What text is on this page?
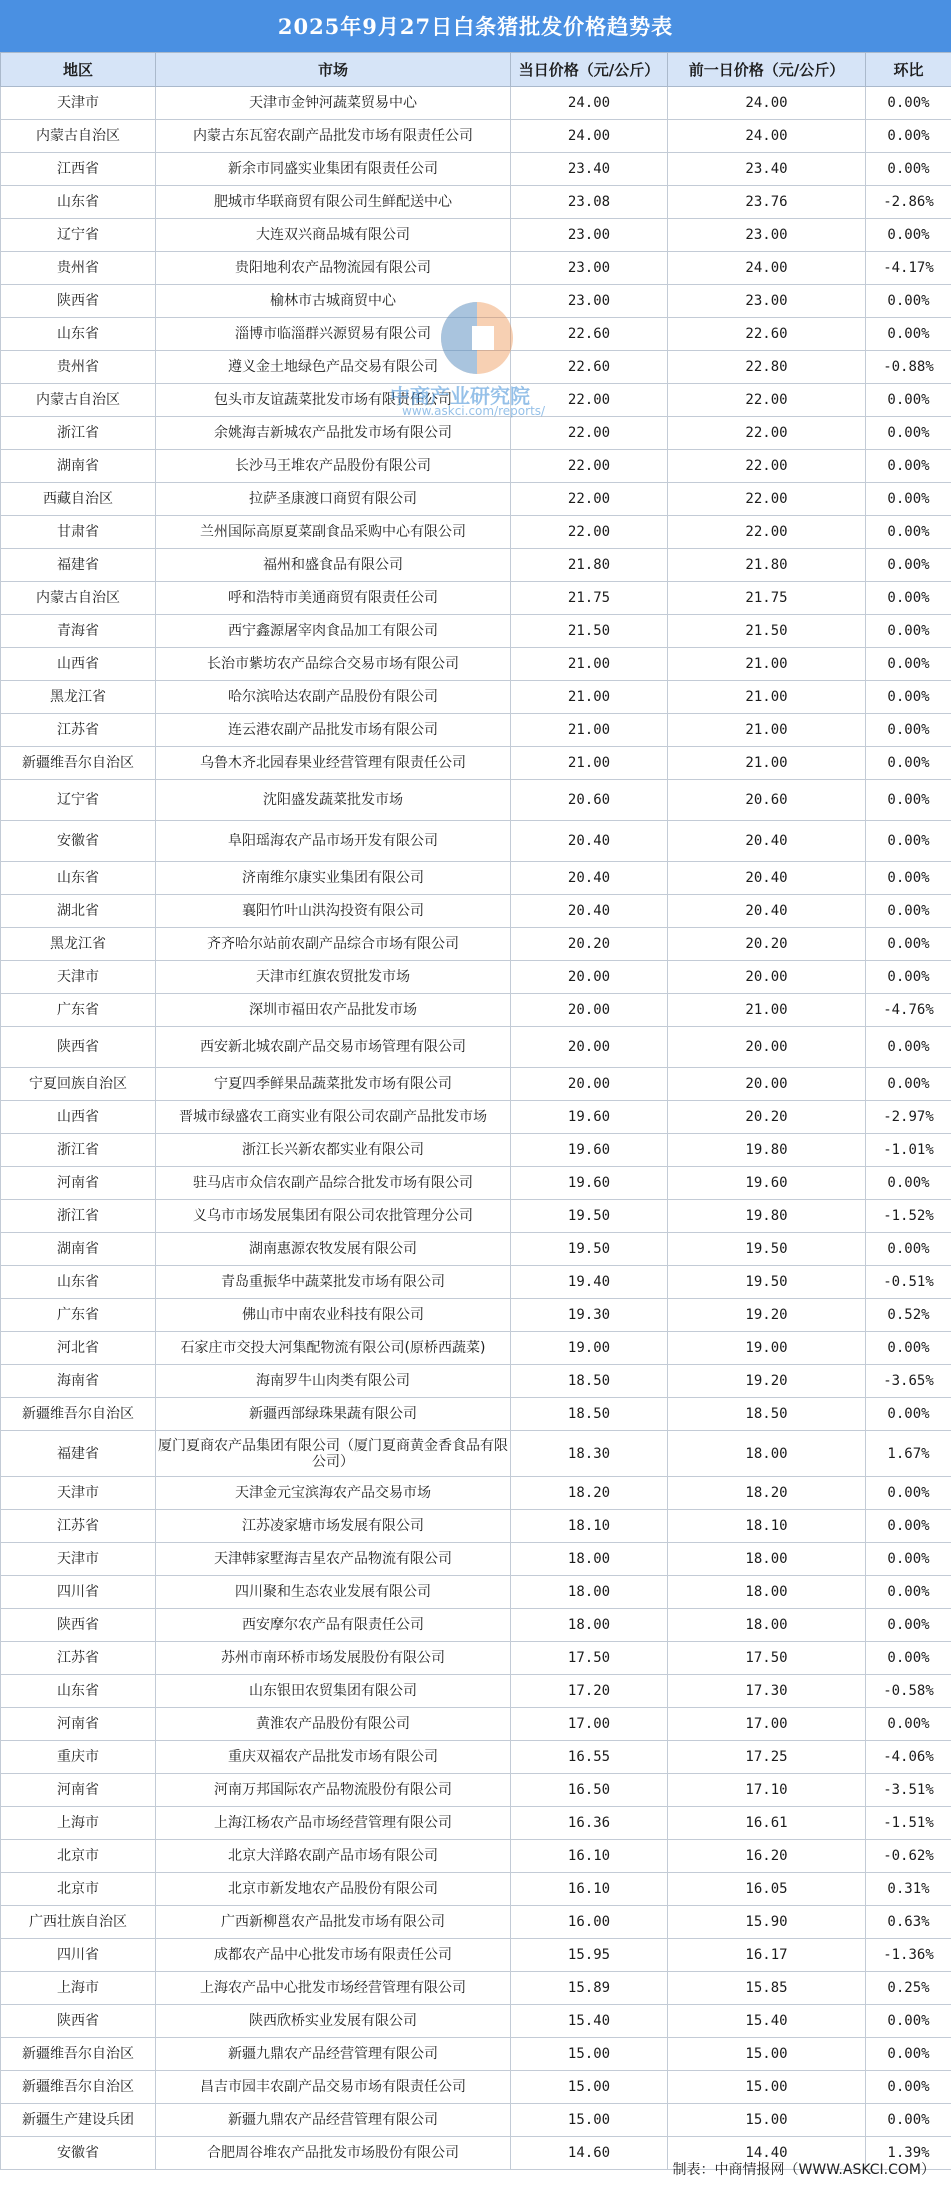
2025年9月27日白条猪批发价格趋势表
地区	市场	当日价格（元/公斤）	前一日价格（元/公斤）	环比
天津市	天津市金钟河蔬菜贸易中心	24.00	24.00	0.00%
内蒙古自治区	内蒙古东瓦窑农副产品批发市场有限责任公司	24.00	24.00	0.00%
江西省	新余市同盛实业集团有限责任公司	23.40	23.40	0.00%
山东省	肥城市华联商贸有限公司生鲜配送中心	23.08	23.76	-2.86%
辽宁省	大连双兴商品城有限公司	23.00	23.00	0.00%
贵州省	贵阳地利农产品物流园有限公司	23.00	24.00	-4.17%
陕西省	榆林市古城商贸中心	23.00	23.00	0.00%
山东省	淄博市临淄群兴源贸易有限公司	22.60	22.60	0.00%
贵州省	遵义金土地绿色产品交易有限公司	22.60	22.80	-0.88%
内蒙古自治区	包头市友谊蔬菜批发市场有限责任公司	22.00	22.00	0.00%
浙江省	余姚海吉新城农产品批发市场有限公司	22.00	22.00	0.00%
湖南省	长沙马王堆农产品股份有限公司	22.00	22.00	0.00%
西藏自治区	拉萨圣康渡口商贸有限公司	22.00	22.00	0.00%
甘肃省	兰州国际高原夏菜副食品采购中心有限公司	22.00	22.00	0.00%
福建省	福州和盛食品有限公司	21.80	21.80	0.00%
内蒙古自治区	呼和浩特市美通商贸有限责任公司	21.75	21.75	0.00%
青海省	西宁鑫源屠宰肉食品加工有限公司	21.50	21.50	0.00%
山西省	长治市紫坊农产品综合交易市场有限公司	21.00	21.00	0.00%
黑龙江省	哈尔滨哈达农副产品股份有限公司	21.00	21.00	0.00%
江苏省	连云港农副产品批发市场有限公司	21.00	21.00	0.00%
新疆维吾尔自治区	乌鲁木齐北园春果业经营管理有限责任公司	21.00	21.00	0.00%
辽宁省	沈阳盛发蔬菜批发市场	20.60	20.60	0.00%
安徽省	阜阳瑶海农产品市场开发有限公司	20.40	20.40	0.00%
山东省	济南维尔康实业集团有限公司	20.40	20.40	0.00%
湖北省	襄阳竹叶山洪沟投资有限公司	20.40	20.40	0.00%
黑龙江省	齐齐哈尔站前农副产品综合市场有限公司	20.20	20.20	0.00%
天津市	天津市红旗农贸批发市场	20.00	20.00	0.00%
广东省	深圳市福田农产品批发市场	20.00	21.00	-4.76%
陕西省	西安新北城农副产品交易市场管理有限公司	20.00	20.00	0.00%
宁夏回族自治区	宁夏四季鲜果品蔬菜批发市场有限公司	20.00	20.00	0.00%
山西省	晋城市绿盛农工商实业有限公司农副产品批发市场	19.60	20.20	-2.97%
浙江省	浙江长兴新农都实业有限公司	19.60	19.80	-1.01%
河南省	驻马店市众信农副产品综合批发市场有限公司	19.60	19.60	0.00%
浙江省	义乌市市场发展集团有限公司农批管理分公司	19.50	19.80	-1.52%
湖南省	湖南惠源农牧发展有限公司	19.50	19.50	0.00%
山东省	青岛重振华中蔬菜批发市场有限公司	19.40	19.50	-0.51%
广东省	佛山市中南农业科技有限公司	19.30	19.20	0.52%
河北省	石家庄市交投大河集配物流有限公司(原桥西蔬菜)	19.00	19.00	0.00%
海南省	海南罗牛山肉类有限公司	18.50	19.20	-3.65%
新疆维吾尔自治区	新疆西部绿珠果蔬有限公司	18.50	18.50	0.00%
福建省	厦门夏商农产品集团有限公司（厦门夏商黄金香食品有限公司）	18.30	18.00	1.67%
天津市	天津金元宝滨海农产品交易市场	18.20	18.20	0.00%
江苏省	江苏凌家塘市场发展有限公司	18.10	18.10	0.00%
天津市	天津韩家墅海吉星农产品物流有限公司	18.00	18.00	0.00%
四川省	四川聚和生态农业发展有限公司	18.00	18.00	0.00%
陕西省	西安摩尔农产品有限责任公司	18.00	18.00	0.00%
江苏省	苏州市南环桥市场发展股份有限公司	17.50	17.50	0.00%
山东省	山东银田农贸集团有限公司	17.20	17.30	-0.58%
河南省	黄淮农产品股份有限公司	17.00	17.00	0.00%
重庆市	重庆双福农产品批发市场有限公司	16.55	17.25	-4.06%
河南省	河南万邦国际农产品物流股份有限公司	16.50	17.10	-3.51%
上海市	上海江杨农产品市场经营管理有限公司	16.36	16.61	-1.51%
北京市	北京大洋路农副产品市场有限公司	16.10	16.20	-0.62%
北京市	北京市新发地农产品股份有限公司	16.10	16.05	0.31%
广西壮族自治区	广西新柳邕农产品批发市场有限公司	16.00	15.90	0.63%
四川省	成都农产品中心批发市场有限责任公司	15.95	16.17	-1.36%
上海市	上海农产品中心批发市场经营管理有限公司	15.89	15.85	0.25%
陕西省	陕西欣桥实业发展有限公司	15.40	15.40	0.00%
新疆维吾尔自治区	新疆九鼎农产品经营管理有限公司	15.00	15.00	0.00%
新疆维吾尔自治区	昌吉市园丰农副产品交易市场有限责任公司	15.00	15.00	0.00%
新疆生产建设兵团	新疆九鼎农产品经营管理有限公司	15.00	15.00	0.00%
安徽省	合肥周谷堆农产品批发市场股份有限公司	14.60	14.40	1.39%
中商产业研究院
www.askci.com/reports/
制表：中商情报网（WWW.ASKCI.COM）
